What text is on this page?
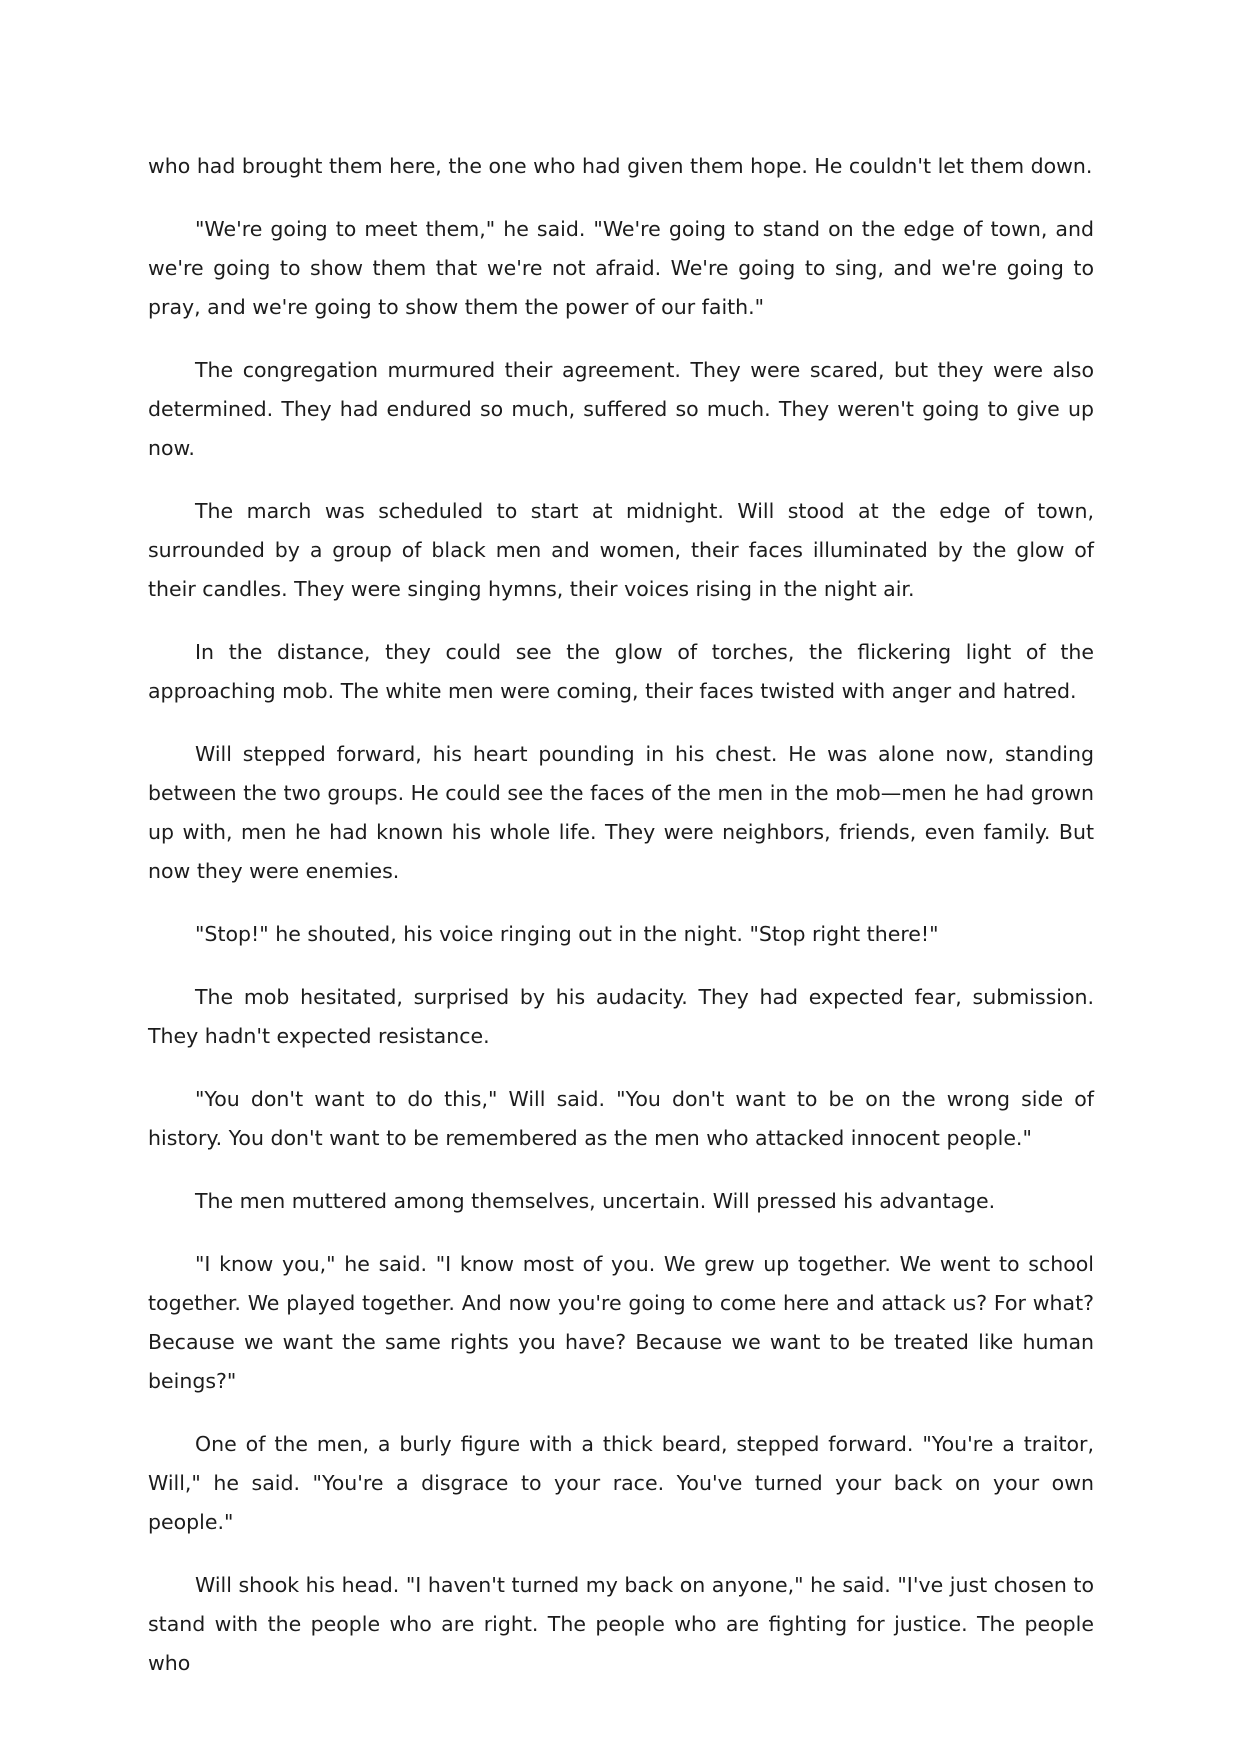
who had brought them here, the one who had given them hope. He couldn't let them down.

"We're going to meet them," he said. "We're going to stand on the edge of town, and we're going to show them that we're not afraid. We're going to sing, and we're going to pray, and we're going to show them the power of our faith."

The congregation murmured their agreement. They were scared, but they were also determined. They had endured so much, suffered so much. They weren't going to give up now.

The march was scheduled to start at midnight. Will stood at the edge of town, surrounded by a group of black men and women, their faces illuminated by the glow of their candles. They were singing hymns, their voices rising in the night air.

In the distance, they could see the glow of torches, the flickering light of the approaching mob. The white men were coming, their faces twisted with anger and hatred.

Will stepped forward, his heart pounding in his chest. He was alone now, standing between the two groups. He could see the faces of the men in the mob—men he had grown up with, men he had known his whole life. They were neighbors, friends, even family. But now they were enemies.

"Stop!" he shouted, his voice ringing out in the night. "Stop right there!"

The mob hesitated, surprised by his audacity. They had expected fear, submission. They hadn't expected resistance.

"You don't want to do this," Will said. "You don't want to be on the wrong side of history. You don't want to be remembered as the men who attacked innocent people."

The men muttered among themselves, uncertain. Will pressed his advantage.

"I know you," he said. "I know most of you. We grew up together. We went to school together. We played together. And now you're going to come here and attack us? For what? Because we want the same rights you have? Because we want to be treated like human beings?"

One of the men, a burly figure with a thick beard, stepped forward. "You're a traitor, Will," he said. "You're a disgrace to your race. You've turned your back on your own people."

Will shook his head. "I haven't turned my back on anyone," he said. "I've just chosen to stand with the people who are right. The people who are fighting for justice. The people who
